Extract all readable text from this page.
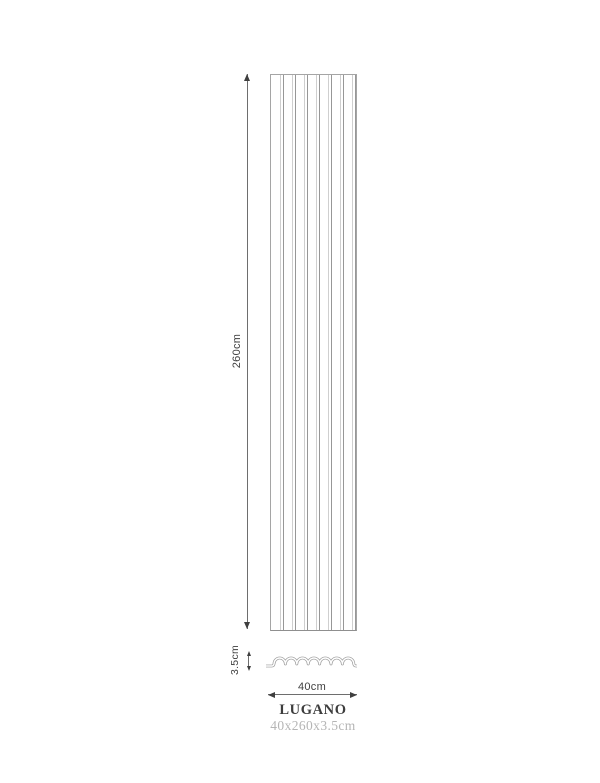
260cm
3.5cm
40cm
LUGANO
40x260x3.5cm
